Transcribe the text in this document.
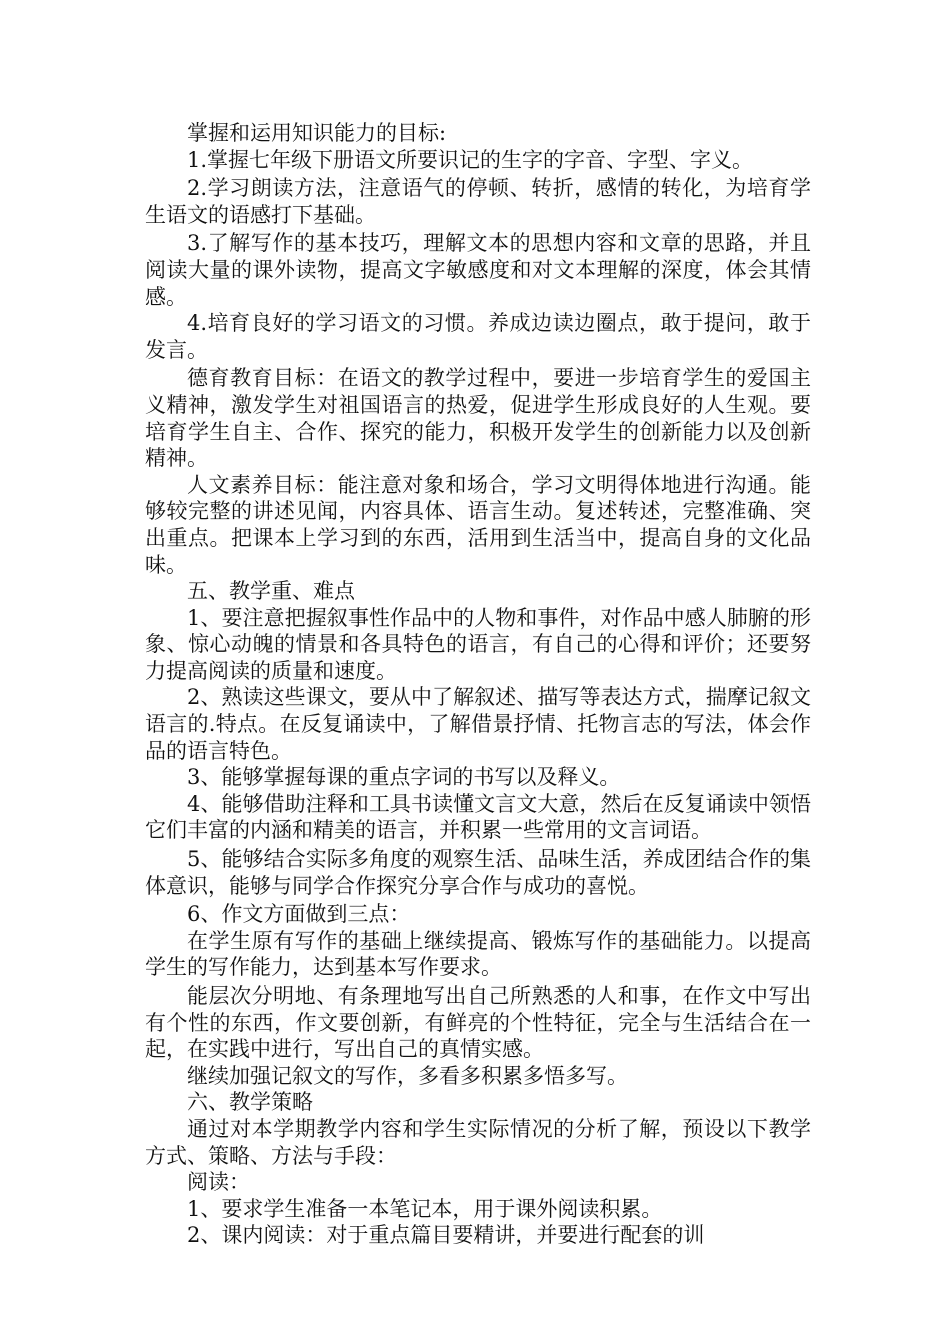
掌握和运用知识能力的目标:

1.掌握七年级下册语文所要识记的生字的字音、字型、字义。

2.学习朗读方法，注意语气的停顿、转折，感情的转化，为培育学生语文的语感打下基础。

3.了解写作的基本技巧，理解文本的思想内容和文章的思路，并且阅读大量的课外读物，提高文字敏感度和对文本理解的深度，体会其情感。

4.培育良好的学习语文的习惯。养成边读边圈点，敢于提问，敢于发言。

德育教育目标：在语文的教学过程中，要进一步培育学生的爱国主义精神，激发学生对祖国语言的热爱，促进学生形成良好的人生观。要培育学生自主、合作、探究的能力，积极开发学生的创新能力以及创新精神。

人文素养目标：能注意对象和场合，学习文明得体地进行沟通。能够较完整的讲述见闻，内容具体、语言生动。复述转述，完整准确、突出重点。把课本上学习到的东西，活用到生活当中，提高自身的文化品味。

五、教学重、难点

1、要注意把握叙事性作品中的人物和事件，对作品中感人肺腑的形象、惊心动魄的情景和各具特色的语言，有自己的心得和评价；还要努力提高阅读的质量和速度。

2、熟读这些课文，要从中了解叙述、描写等表达方式，揣摩记叙文语言的.特点。在反复诵读中，了解借景抒情、托物言志的写法，体会作品的语言特色。

3、能够掌握每课的重点字词的书写以及释义。

4、能够借助注释和工具书读懂文言文大意，然后在反复诵读中领悟它们丰富的内涵和精美的语言，并积累一些常用的文言词语。

5、能够结合实际多角度的观察生活、品味生活，养成团结合作的集体意识，能够与同学合作探究分享合作与成功的喜悦。

6、作文方面做到三点：

在学生原有写作的基础上继续提高、锻炼写作的基础能力。以提高学生的写作能力，达到基本写作要求。

能层次分明地、有条理地写出自己所熟悉的人和事，在作文中写出有个性的东西，作文要创新，有鲜亮的个性特征，完全与生活结合在一起，在实践中进行，写出自己的真情实感。

继续加强记叙文的写作，多看多积累多悟多写。

六、教学策略

通过对本学期教学内容和学生实际情况的分析了解，预设以下教学方式、策略、方法与手段：

阅读：

1、要求学生准备一本笔记本，用于课外阅读积累。

2、课内阅读：对于重点篇目要精讲，并要进行配套的训
